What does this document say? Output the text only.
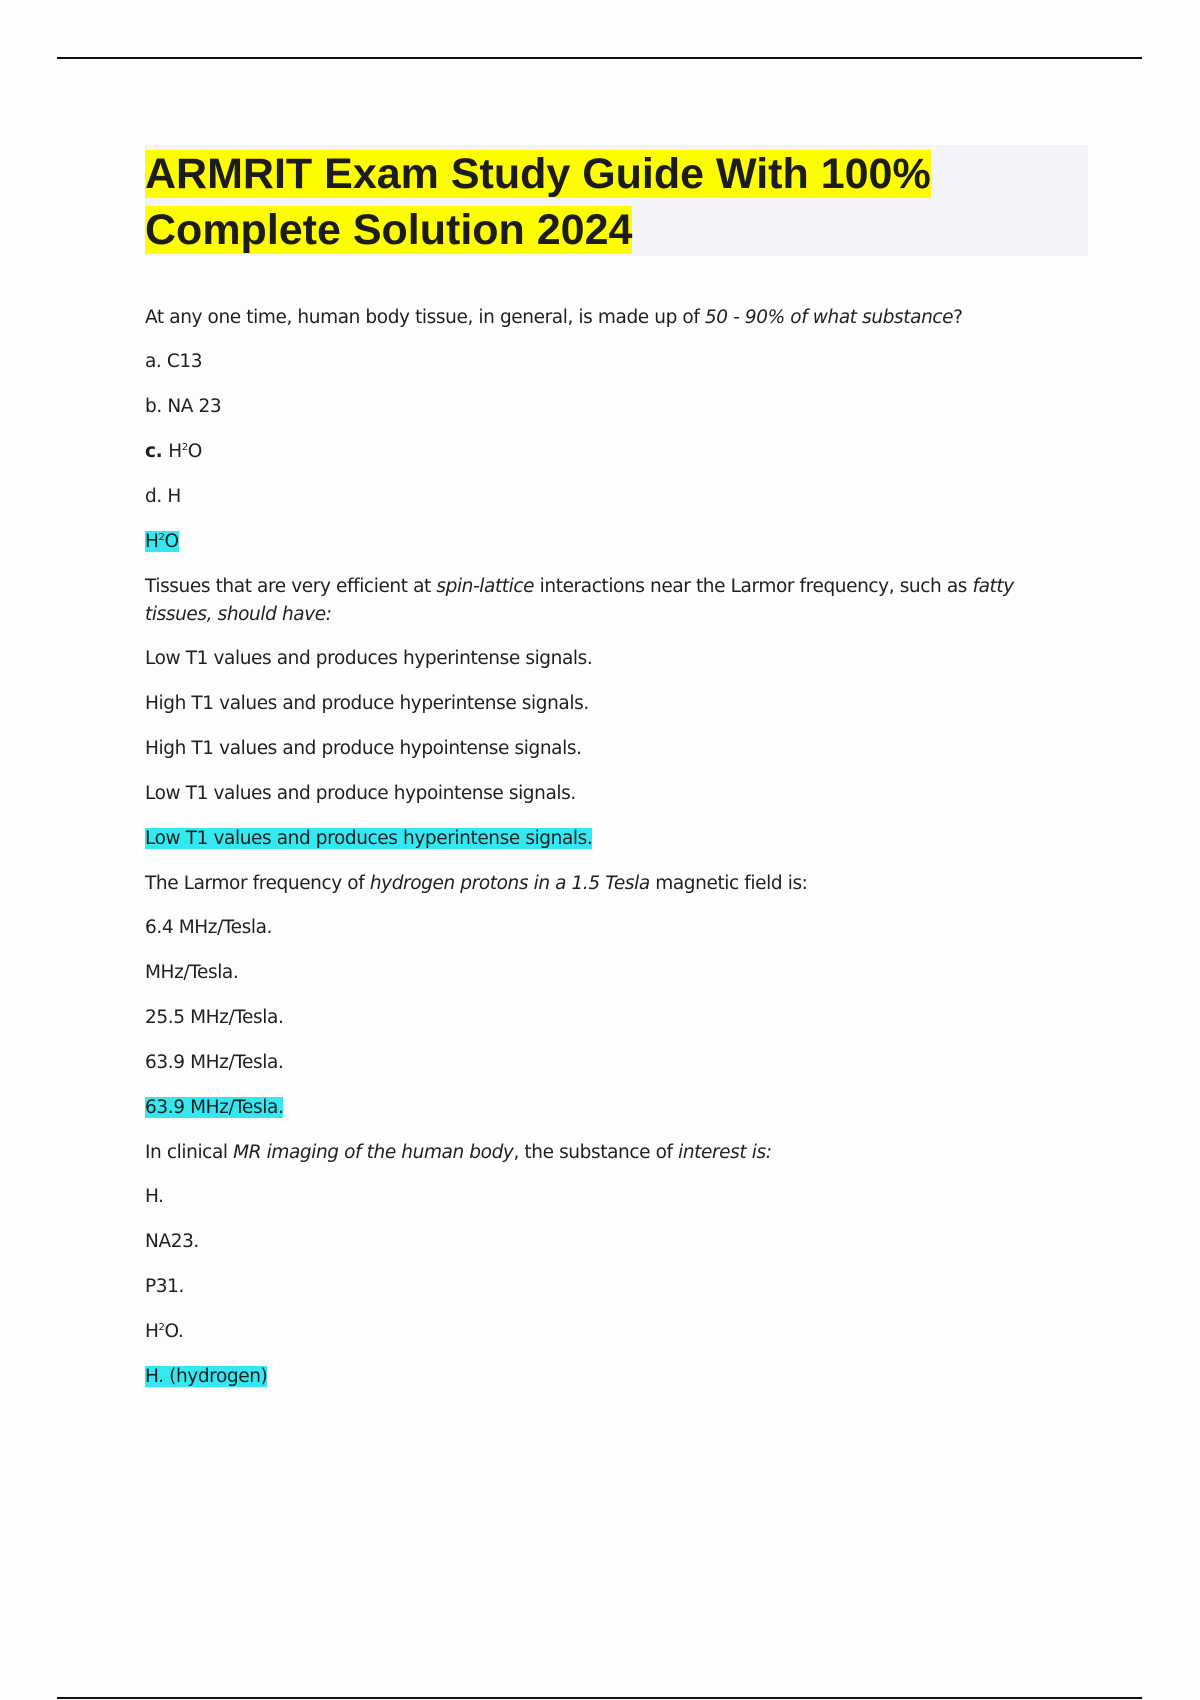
ARMRIT Exam Study Guide With 100% Complete Solution 2024

At any one time, human body tissue, in general, is made up of 50 - 90% of what substance?

a. C13

b. NA 23

c. $H^2O$

d. H

$H^2O$

Tissues that are very efficient at spin-lattice interactions near the Larmor frequency, such as fatty tissues, should have:

Low T1 values and produces hyperintense signals.

High T1 values and produce hyperintense signals.

High T1 values and produce hypointense signals.

Low T1 values and produce hypointense signals.

Low T1 values and produces hyperintense signals.

The Larmor frequency of hydrogen protons in a 1.5 Tesla magnetic field is:

6.4 MHz/Tesla.

MHz/Tesla.

25.5 MHz/Tesla.

63.9 MHz/Tesla.

63.9 MHz/Tesla.

In clinical MR imaging of the human body, the substance of interest is:

H.

NA23.

P31.

$H^2O$.

H. (hydrogen)
